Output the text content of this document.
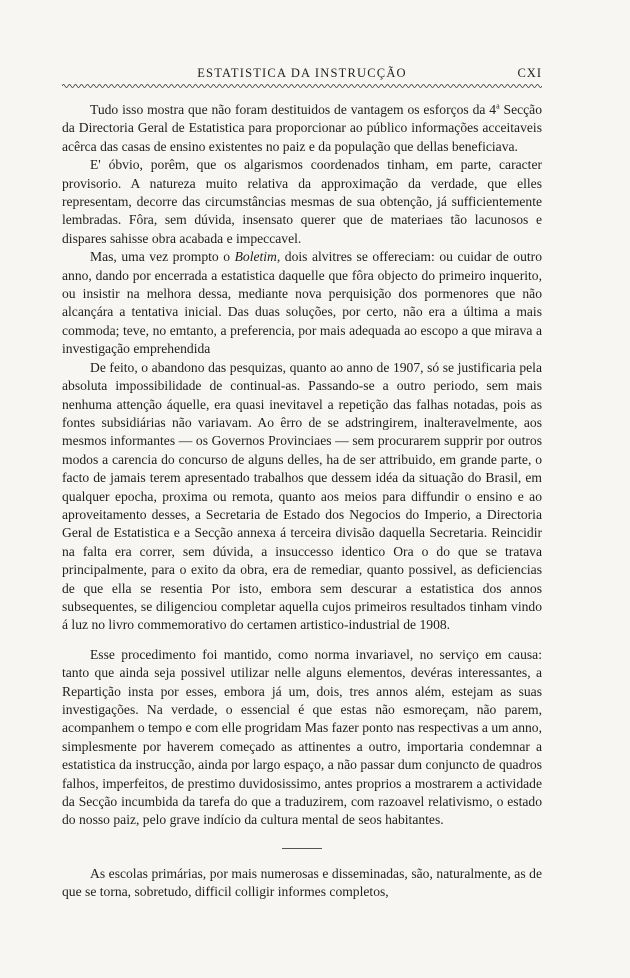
ESTATISTICA DA INSTRUCÇÃO	CXI

Tudo isso mostra que não foram destituidos de vantagem os esforços da 4$^a$ Secção da Directoria Geral de Estatistica para proporcionar ao público informações acceitaveis acêrca das casas de ensino existentes no paiz e da população que dellas beneficiava.

E' óbvio, porêm, que os algarismos coordenados tinham, em parte, caracter provisorio. A natureza muito relativa da approximação da verdade, que elles representam, decorre das circumstâncias mesmas de sua obtenção, já sufficientemente lembradas. Fôra, sem dúvida, insensato querer que de materiaes tão lacunosos e dispares sahisse obra acabada e impeccavel.

Mas, uma vez prompto o Boletim, dois alvitres se offereciam: ou cuidar de outro anno, dando por encerrada a estatistica daquelle que fôra objecto do primeiro inquerito, ou insistir na melhora dessa, mediante nova perquisição dos pormenores que não alcançára a tentativa inicial. Das duas soluções, por certo, não era a última a mais commoda; teve, no emtanto, a preferencia, por mais adequada ao escopo a que mirava a investigação emprehendida

De feito, o abandono das pesquizas, quanto ao anno de 1907, só se justificaria pela absoluta impossibilidade de continual-as. Passando-se a outro periodo, sem mais nenhuma attenção áquelle, era quasi inevitavel a repetição das falhas notadas, pois as fontes subsidiárias não variavam. Ao êrro de se adstringirem, inalteravelmente, aos mesmos informantes — os Governos Provinciaes — sem procurarem supprir por outros modos a carencia do concurso de alguns delles, ha de ser attribuido, em grande parte, o facto de jamais terem apresentado trabalhos que dessem idéa da situação do Brasil, em qualquer epocha, proxima ou remota, quanto aos meios para diffundir o ensino e ao aproveitamento desses, a Secretaria de Estado dos Negocios do Imperio, a Directoria Geral de Estatistica e a Secção annexa á terceira divisão daquella Secretaria. Reincidir na falta era correr, sem dúvida, a insuccesso identico Ora o do que se tratava principalmente, para o exito da obra, era de remediar, quanto possivel, as deficiencias de que ella se resentia Por isto, embora sem descurar a estatistica dos annos subsequentes, se diligenciou completar aquella cujos primeiros resultados tinham vindo á luz no livro commemorativo do certamen artistico-industrial de 1908.

Esse procedimento foi mantido, como norma invariavel, no serviço em causa: tanto que ainda seja possivel utilizar nelle alguns elementos, devéras interessantes, a Repartição insta por esses, embora já um, dois, tres annos além, estejam as suas investigações. Na verdade, o essencial é que estas não esmoreçam, não parem, acompanhem o tempo e com elle progridam Mas fazer ponto nas respectivas a um anno, simplesmente por haverem começado as attinentes a outro, importaria condemnar a estatistica da instrucção, ainda por largo espaço, a não passar dum conjuncto de quadros falhos, imperfeitos, de prestimo duvidosissimo, antes proprios a mostrarem a actividade da Secção incumbida da tarefa do que a traduzirem, com razoavel relativismo, o estado do nosso paiz, pelo grave indício da cultura mental de seos habitantes.

As escolas primárias, por mais numerosas e disseminadas, são, naturalmente, as de que se torna, sobretudo, difficil colligir informes completos,
